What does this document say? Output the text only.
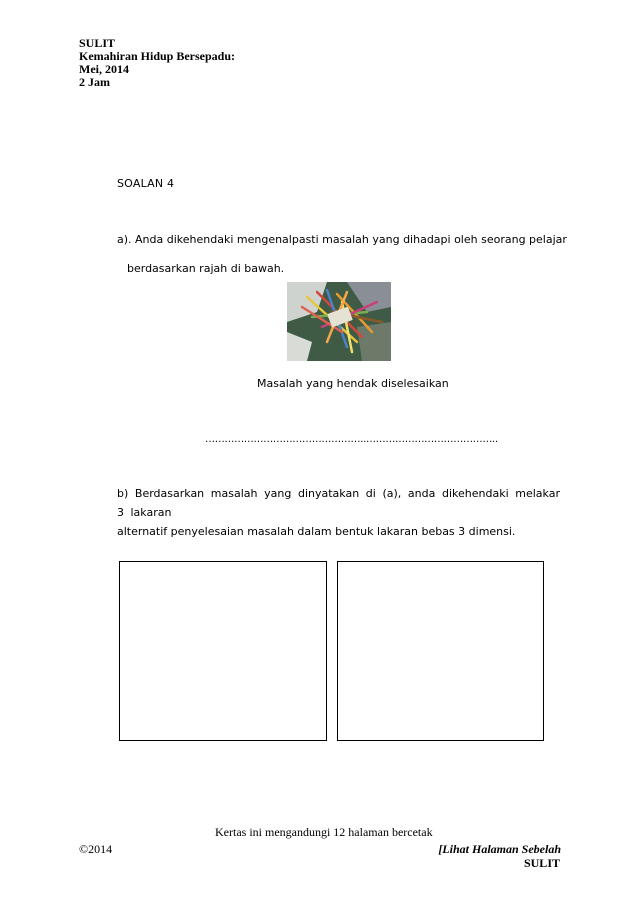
SULIT
Kemahiran Hidup Bersepadu:
Mei, 2014
2 Jam
SOALAN 4
a). Anda dikehendaki mengenalpasti masalah yang dihadapi oleh seorang pelajar
berdasarkan rajah di bawah.
Masalah yang hendak diselesaikan
…………………………………………..…………………………………..
b) Berdasarkan masalah yang dinyatakan di (a), anda dikehendaki melakar 3 lakaran
alternatif penyelesaian masalah dalam bentuk lakaran bebas 3 dimensi.
Kertas ini mengandungi 12 halaman bercetak
©2014	[Lihat Halaman Sebelah
SULIT
